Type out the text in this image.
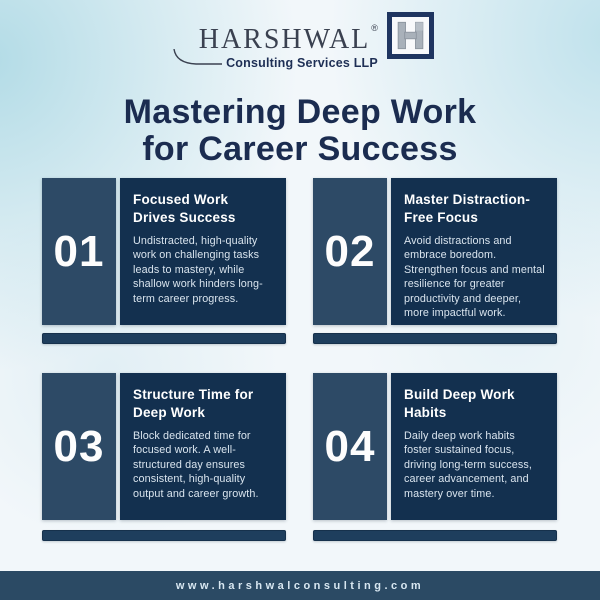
HARSHWAL ®
Consulting Services LLP
Mastering Deep Work
for Career Success
01
Focused Work Drives Success
Undistracted, high-quality work on challenging tasks leads to mastery, while shallow work hinders long-term career progress.
02
Master Distraction-Free Focus
Avoid distractions and embrace boredom. Strengthen focus and mental resilience for greater productivity and deeper, more impactful work.
03
Structure Time for Deep Work
Block dedicated time for focused work. A well-structured day ensures consistent, high-quality output and career growth.
04
Build Deep Work Habits
Daily deep work habits foster sustained focus, driving long-term success, career advancement, and mastery over time.
www.harshwalconsulting.com
